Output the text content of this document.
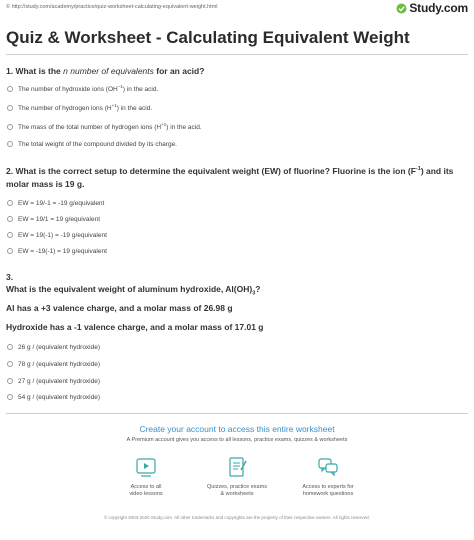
© http://study.com/academy/practice/quiz-worksheet-calculating-equivalent-weight.html	Study.com
Quiz & Worksheet - Calculating Equivalent Weight
1. What is the n number of equivalents for an acid?
The number of hydroxide ions $(OH^{-1})$ in the acid.
The number of hydrogen ions $(H^{+1})$ in the acid.
The mass of the total number of hydrogen ions $(H^{+1})$ in the acid.
The total weight of the compound divided by its charge.
2. What is the correct setup to determine the equivalent weight (EW) of fluorine? Fluorine is the ion $(F^{-1})$ and its molar mass is 19 g.
EW = 19/-1 = -19 g/equivalent
EW = 19/1 = 19 g/equivalent
EW = 19(-1) = -19 g/equivalent
EW = -19(-1) = 19 g/equivalent
3.
What is the equivalent weight of aluminum hydroxide, $Al(OH)_3$?
Al has a +3 valence charge, and a molar mass of 26.98 g
Hydroxide has a -1 valence charge, and a molar mass of 17.01 g
26 g / (equivalent hydroxide)
78 g / (equivalent hydroxide)
27 g / (equivalent hydroxide)
54 g / (equivalent hydroxide)
Create your account to access this entire worksheet
A Premium account gives you access to all lessons, practice exams, quizzes & worksheets
Access to all
video lessons
Quizzes, practice exams
& worksheets
Access to experts for
homework questions
© copyright 2003-2020 Study.com. All other trademarks and copyrights are the property of their respective owners. All rights reserved.
